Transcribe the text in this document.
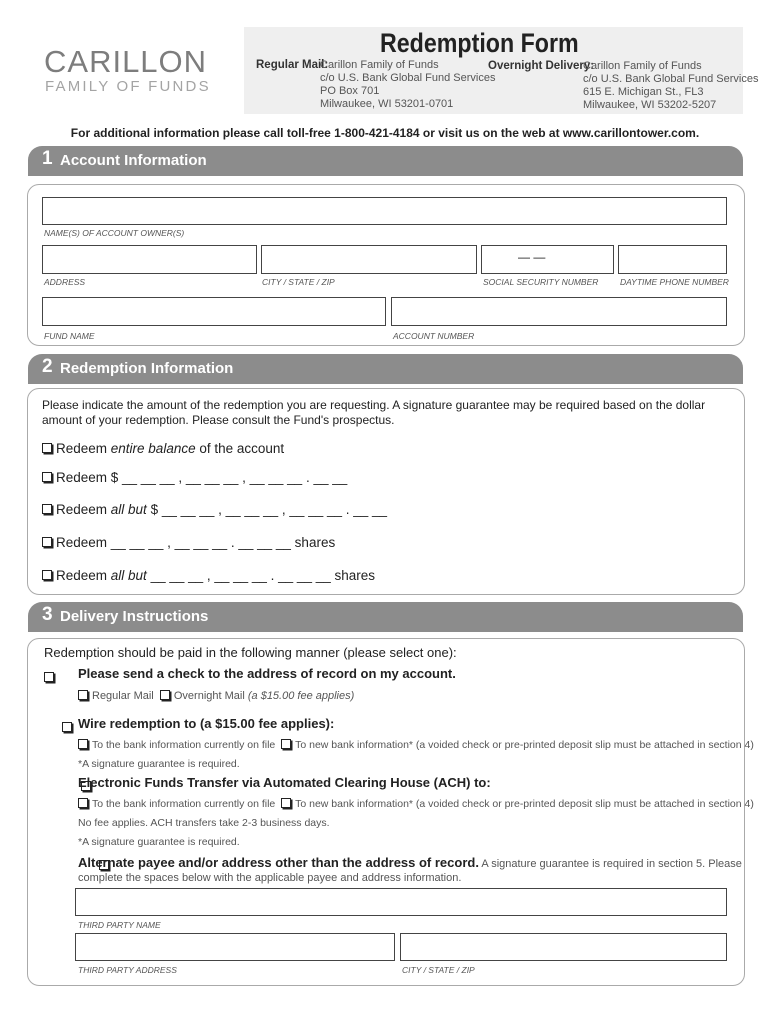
CARILLON
FAMILY OF FUNDS
Redemption Form
Regular Mail:
Carillon Family of Funds
c/o U.S. Bank Global Fund Services
PO Box 701
Milwaukee, WI 53201-0701
Overnight Delivery:
Carillon Family of Funds
c/o U.S. Bank Global Fund Services
615 E. Michigan St., FL3
Milwaukee, WI 53202-5207
For additional information please call toll-free 1-800-421-4184 or visit us on the web at www.carillontower.com.
1 Account Information
NAME(S) OF ACCOUNT OWNER(S)
— —
ADDRESS	CITY / STATE / ZIP	SOCIAL SECURITY NUMBER	DAYTIME PHONE NUMBER
FUND NAME	ACCOUNT NUMBER
2 Redemption Information
Please indicate the amount of the redemption you are requesting. A signature guarantee may be required based on the dollar amount of your redemption. Please consult the Fund's prospectus.
Redeem entire balance of the account
Redeem $ __ __ __ , __ __ __ , __ __ __ . __ __
Redeem all but $ __ __ __ , __ __ __ , __ __ __ . __ __
Redeem __ __ __ , __ __ __ . __ __ __ shares
Redeem all but __ __ __ , __ __ __ . __ __ __ shares
3 Delivery Instructions
Redemption should be paid in the following manner (please select one):

Please send a check to the address of record on my account.
Regular Mail Overnight Mail (a $15.00 fee applies)

Wire redemption to (a $15.00 fee applies):
To the bank information currently on file To new bank information* (a voided check or pre-printed deposit slip must be attached in section 4)
*A signature guarantee is required.

Electronic Funds Transfer via Automated Clearing House (ACH) to:
To the bank information currently on file To new bank information* (a voided check or pre-printed deposit slip must be attached in section 4)
No fee applies. ACH transfers take 2-3 business days.
*A signature guarantee is required.
Alternate payee and/or address other than the address of record. A signature guarantee is required in section 5. Please
complete the spaces below with the applicable payee and address information.
THIRD PARTY NAME
THIRD PARTY ADDRESS	CITY / STATE / ZIP
